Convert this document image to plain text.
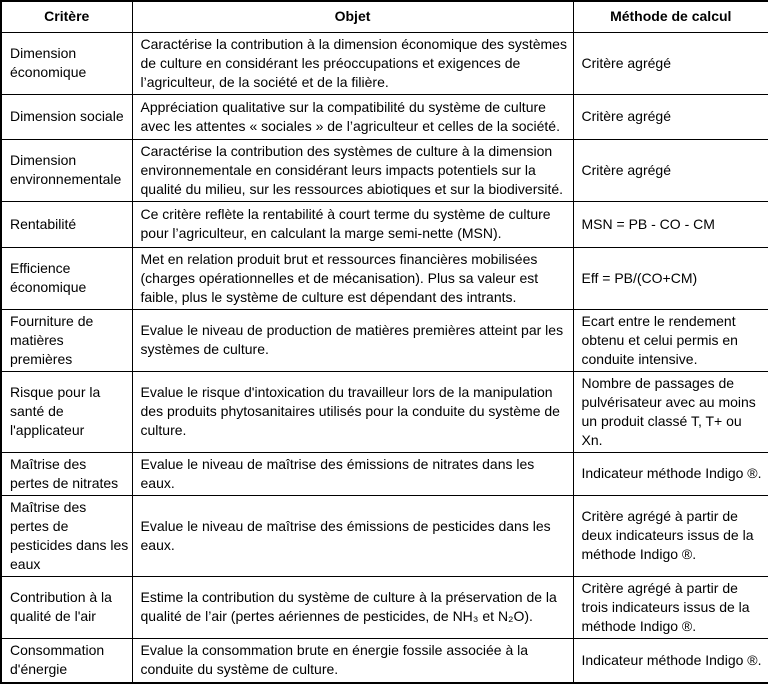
Critère	Objet	Méthode de calcul
Dimension économique	Caractérise la contribution à la dimension économique des systèmes de culture en considérant les préoccupations et exigences de l’agriculteur, de la société et de la filière.	Critère agrégé
Dimension sociale	Appréciation qualitative sur la compatibilité du système de culture avec les attentes « sociales » de l’agriculteur et celles de la société.	Critère agrégé
Dimension environnementale	Caractérise la contribution des systèmes de culture à la dimension environnementale en considérant leurs impacts potentiels sur la qualité du milieu, sur les ressources abiotiques et sur la biodiversité.	Critère agrégé
Rentabilité	Ce critère reflète la rentabilité à court terme du système de culture pour l’agriculteur, en calculant la marge semi-nette (MSN).	MSN = PB - CO - CM
Efficience économique	Met en relation produit brut et ressources financières mobilisées (charges opérationnelles et de mécanisation). Plus sa valeur est faible, plus le système de culture est dépendant des intrants.	Eff = PB/(CO+CM)
Fourniture de matières premières	Evalue le niveau de production de matières premières atteint par les systèmes de culture.	Ecart entre le rendement obtenu et celui permis en conduite intensive.
Risque pour la santé de l'applicateur	Evalue le risque d'intoxication du travailleur lors de la manipulation des produits phytosanitaires utilisés pour la conduite du système de culture.	Nombre de passages de pulvérisateur avec au moins un produit classé T, T+ ou Xn.
Maîtrise des pertes de nitrates	Evalue le niveau de maîtrise des émissions de nitrates dans les eaux.	Indicateur méthode Indigo ®.
Maîtrise des pertes de pesticides dans les eaux	Evalue le niveau de maîtrise des émissions de pesticides dans les eaux.	Critère agrégé à partir de deux indicateurs issus de la méthode Indigo ®.
Contribution à la qualité de l'air	Estime la contribution du système de culture à la préservation de la qualité de l’air (pertes aériennes de pesticides, de NH₃ et N₂O).	Critère agrégé à partir de trois indicateurs issus de la méthode Indigo ®.
Consommation d'énergie	Evalue la consommation brute en énergie fossile associée à la conduite du système de culture.	Indicateur méthode Indigo ®.
